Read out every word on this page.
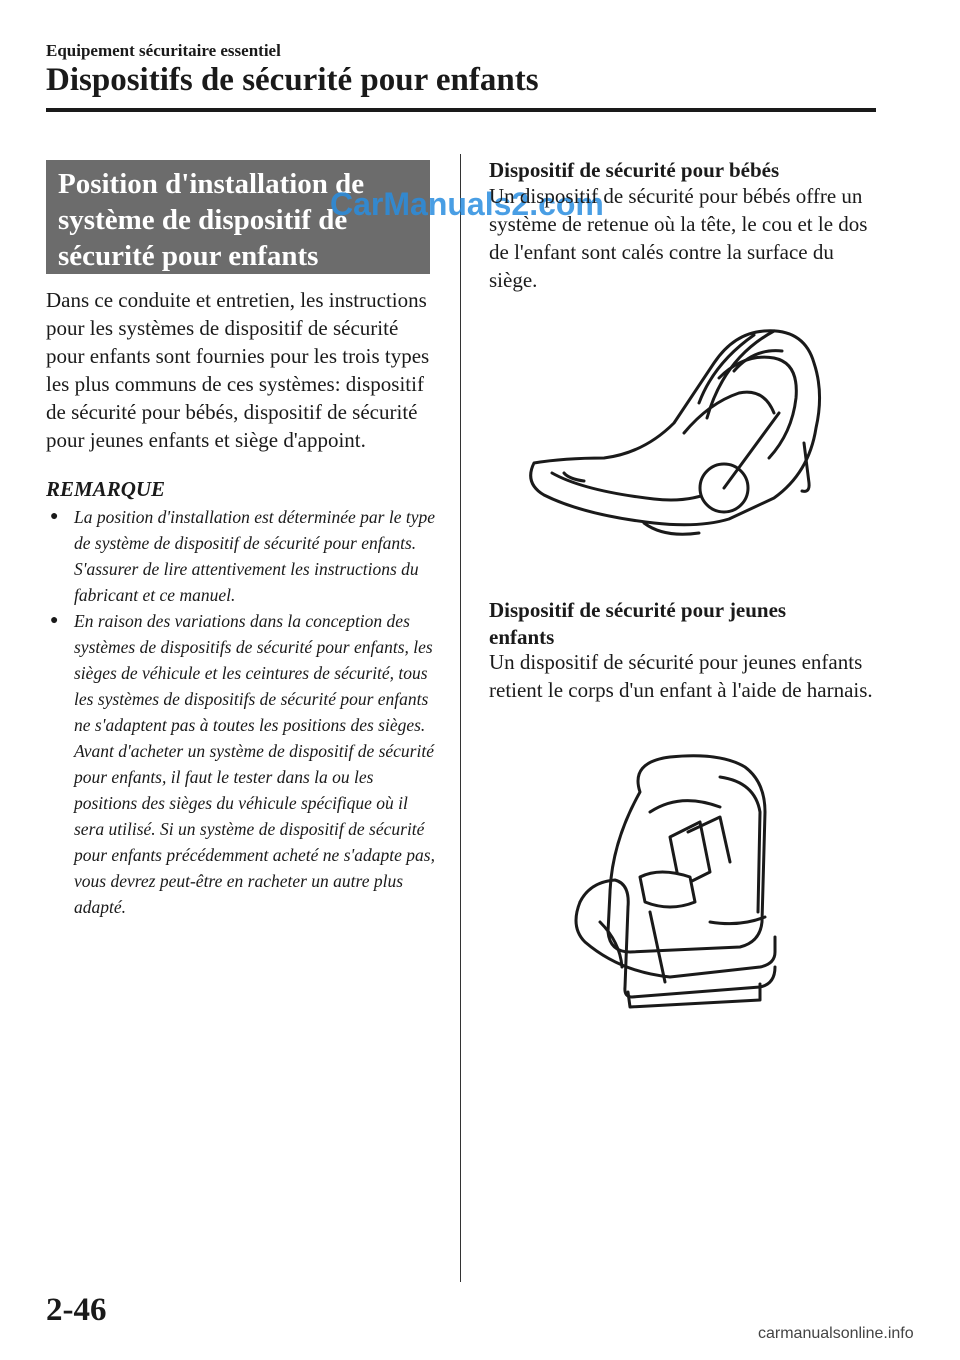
Equipement sécuritaire essentiel
Dispositifs de sécurité pour enfants
Position d'installation de
système de dispositif de
sécurité pour enfants
CarManuals2.com

Dans ce conduite et entretien, les instructions pour les systèmes de dispositif de sécurité pour enfants sont fournies pour les trois types les plus communs de ces systèmes: dispositif de sécurité pour bébés, dispositif de sécurité pour jeunes enfants et siège d'appoint.

REMARQUE
● La position d'installation est déterminée par le type de système de dispositif de sécurité pour enfants. S'assurer de lire attentivement les instructions du fabricant et ce manuel.
● En raison des variations dans la conception des systèmes de dispositifs de sécurité pour enfants, les sièges de véhicule et les ceintures de sécurité, tous les systèmes de dispositifs de sécurité pour enfants ne s'adaptent pas à toutes les positions des sièges. Avant d'acheter un système de dispositif de sécurité pour enfants, il faut le tester dans la ou les positions des sièges du véhicule spécifique où il sera utilisé. Si un système de dispositif de sécurité pour enfants précédemment acheté ne s'adapte pas, vous devrez peut-être en racheter un autre plus adapté.
Dispositif de sécurité pour bébés

Un dispositif de sécurité pour bébés offre un système de retenue où la tête, le cou et le dos de l'enfant sont calés contre la surface du siège.

Dispositif de sécurité pour jeunes enfants

Un dispositif de sécurité pour jeunes enfants retient le corps d'un enfant à l'aide de harnais.

2-46
carmanualsonline.info
